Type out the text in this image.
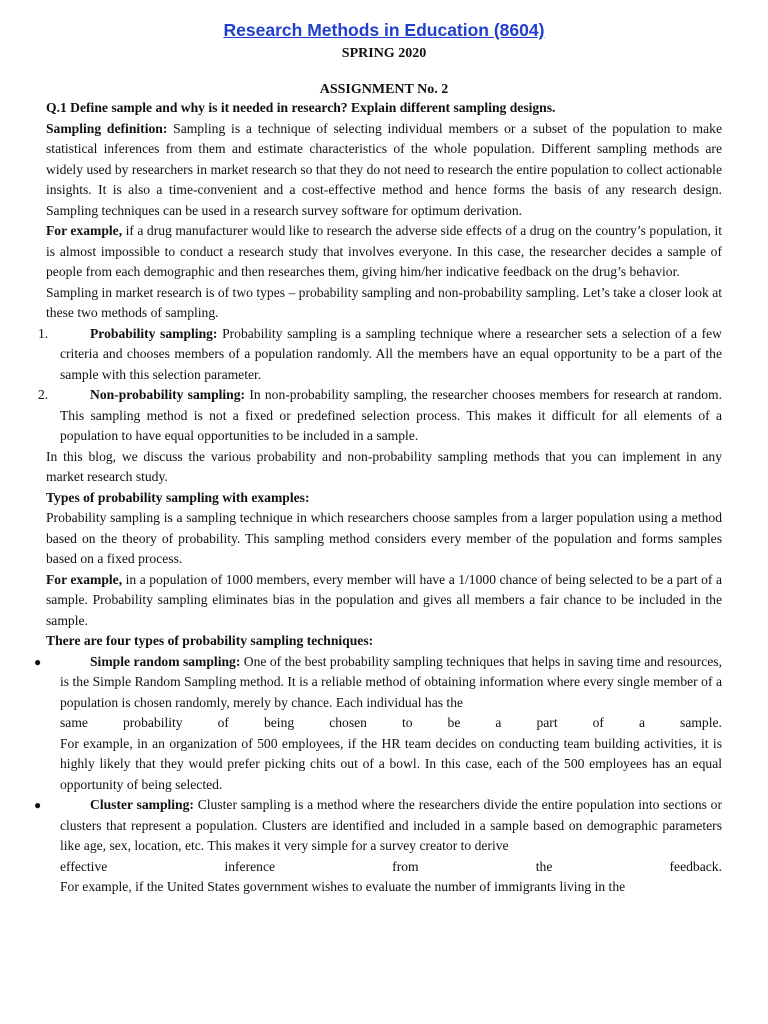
Research Methods in Education (8604)
SPRING 2020
ASSIGNMENT No. 2

Q.1 Define sample and why is it needed in research? Explain different sampling designs.

Sampling definition: Sampling is a technique of selecting individual members or a subset of the population to make statistical inferences from them and estimate characteristics of the whole population. Different sampling methods are widely used by researchers in market research so that they do not need to research the entire population to collect actionable insights. It is also a time-convenient and a cost-effective method and hence forms the basis of any research design. Sampling techniques can be used in a research survey software for optimum derivation.

For example, if a drug manufacturer would like to research the adverse side effects of a drug on the country’s population, it is almost impossible to conduct a research study that involves everyone. In this case, the researcher decides a sample of people from each demographic and then researches them, giving him/her indicative feedback on the drug’s behavior.

Sampling in market research is of two types – probability sampling and non-probability sampling. Let’s take a closer look at these two methods of sampling.

1.	Probability sampling: Probability sampling is a sampling technique where a researcher sets a selection of a few criteria and chooses members of a population randomly. All the members have an equal opportunity to be a part of the sample with this selection parameter.

2.	Non-probability sampling: In non-probability sampling, the researcher chooses members for research at random. This sampling method is not a fixed or predefined selection process. This makes it difficult for all elements of a population to have equal opportunities to be included in a sample.

In this blog, we discuss the various probability and non-probability sampling methods that you can implement in any market research study.

Types of probability sampling with examples:

Probability sampling is a sampling technique in which researchers choose samples from a larger population using a method based on the theory of probability. This sampling method considers every member of the population and forms samples based on a fixed process.

For example, in a population of 1000 members, every member will have a 1/1000 chance of being selected to be a part of a sample. Probability sampling eliminates bias in the population and gives all members a fair chance to be included in the sample.

There are four types of probability sampling techniques:

●	Simple random sampling: One of the best probability sampling techniques that helps in saving time and resources, is the Simple Random Sampling method. It is a reliable method of obtaining information where every single member of a population is chosen randomly, merely by chance. Each individual has the

same	probability	of	being	chosen	to	be	a	part	of	a	sample.

For example, in an organization of 500 employees, if the HR team decides on conducting team building activities, it is highly likely that they would prefer picking chits out of a bowl. In this case, each of the 500 employees has an equal opportunity of being selected.

●	Cluster sampling: Cluster sampling is a method where the researchers divide the entire population into sections or clusters that represent a population. Clusters are identified and included in a sample based on demographic parameters like age, sex, location, etc. This makes it very simple for a survey creator to derive

effective	inference	from	the	feedback.

For example, if the United States government wishes to evaluate the number of immigrants living in the
